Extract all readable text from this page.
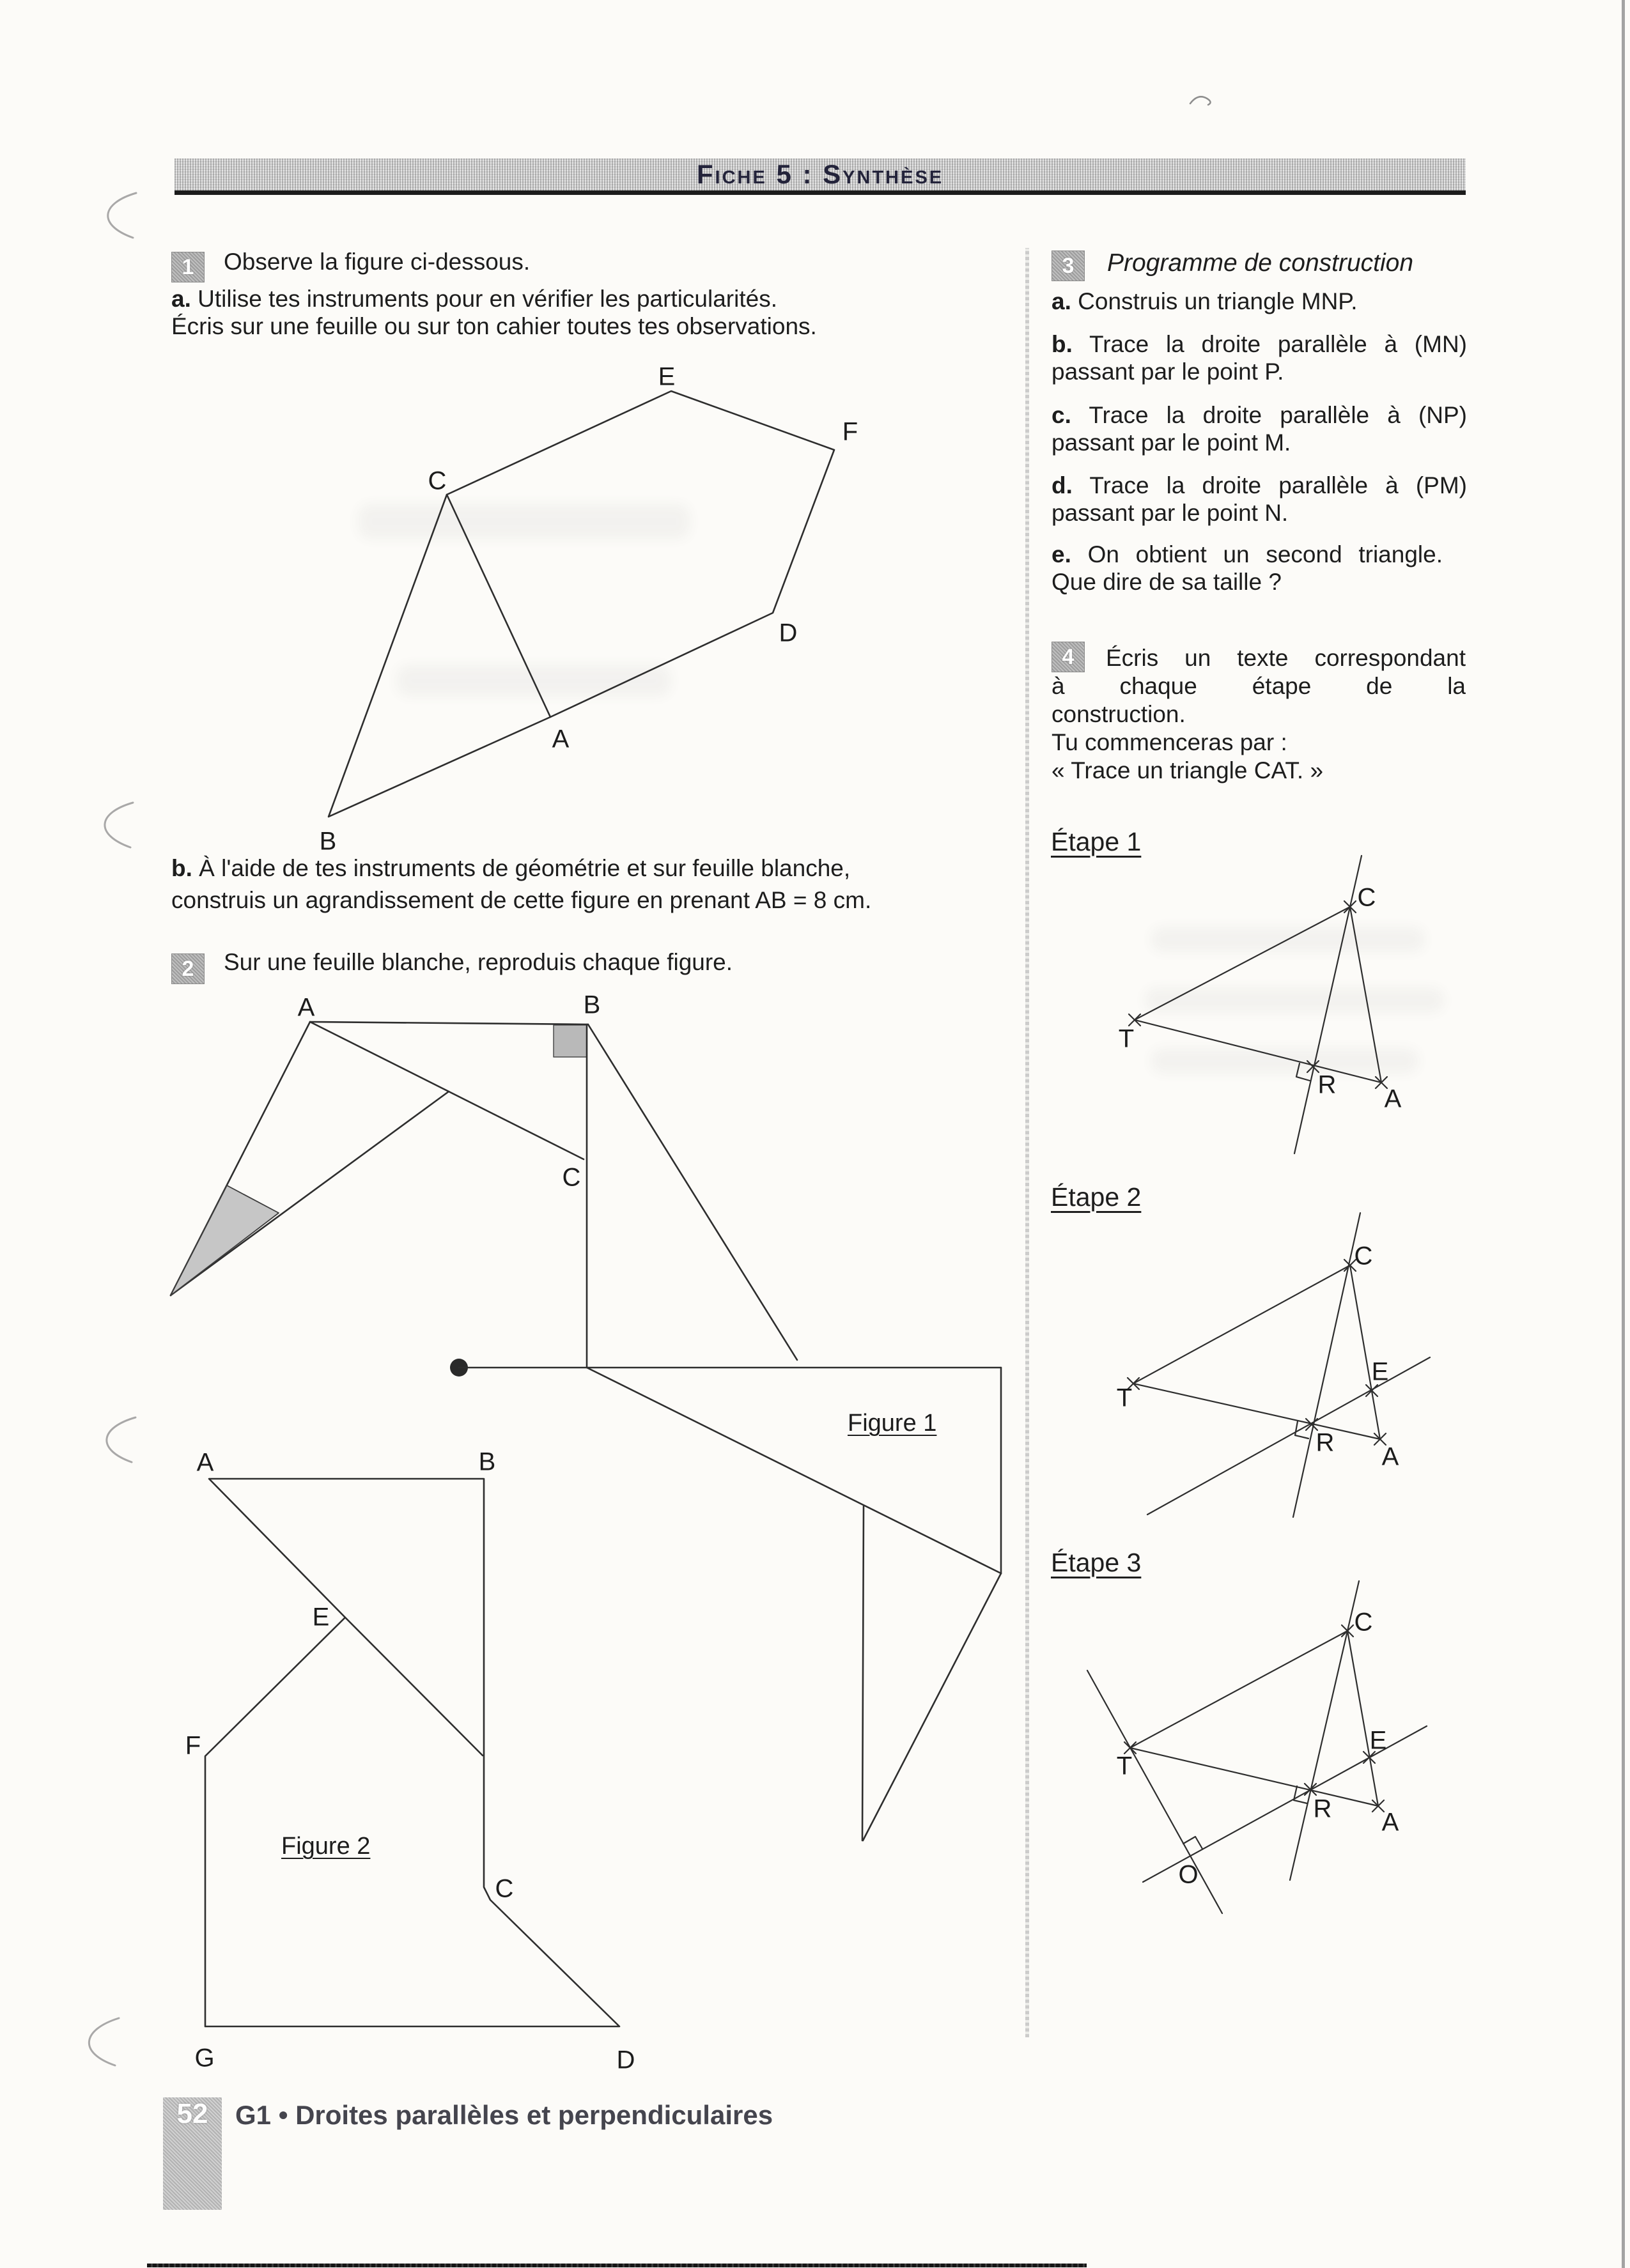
Fiche 5 : Synthèse
1 Observe la figure ci-dessous.
a. Utilise tes instruments pour en vérifier les particularités.
Écris sur une feuille ou sur ton cahier toutes tes observations.
b. À l'aide de tes instruments de géométrie et sur feuille blanche,
construis un agrandissement de cette figure en prenant AB = 8 cm.
2 Sur une feuille blanche, reproduis chaque figure.
3 Programme de construction
a. Construis un triangle MNP.
b. Trace la droite parallèle à (MN) passant par le point P.
c. Trace la droite parallèle à (NP) passant par le point M.
d. Trace la droite parallèle à (PM) passant par le point N.
e. On obtient un second triangle. Que dire de sa taille ?
4	Écris un texte correspondant
à chaque étape de la
construction.
Tu commenceras par :
« Trace un triangle CAT. »
Étape 1
Étape 2
Étape 3
Figure 1
Figure 2
E
F
C
D
A
B
A	B
C
A	B
E
F
C
G	D
C
T
R A
C
T
R A
E
C
T
R A
E
O
52 G1 • Droites parallèles et perpendiculaires
